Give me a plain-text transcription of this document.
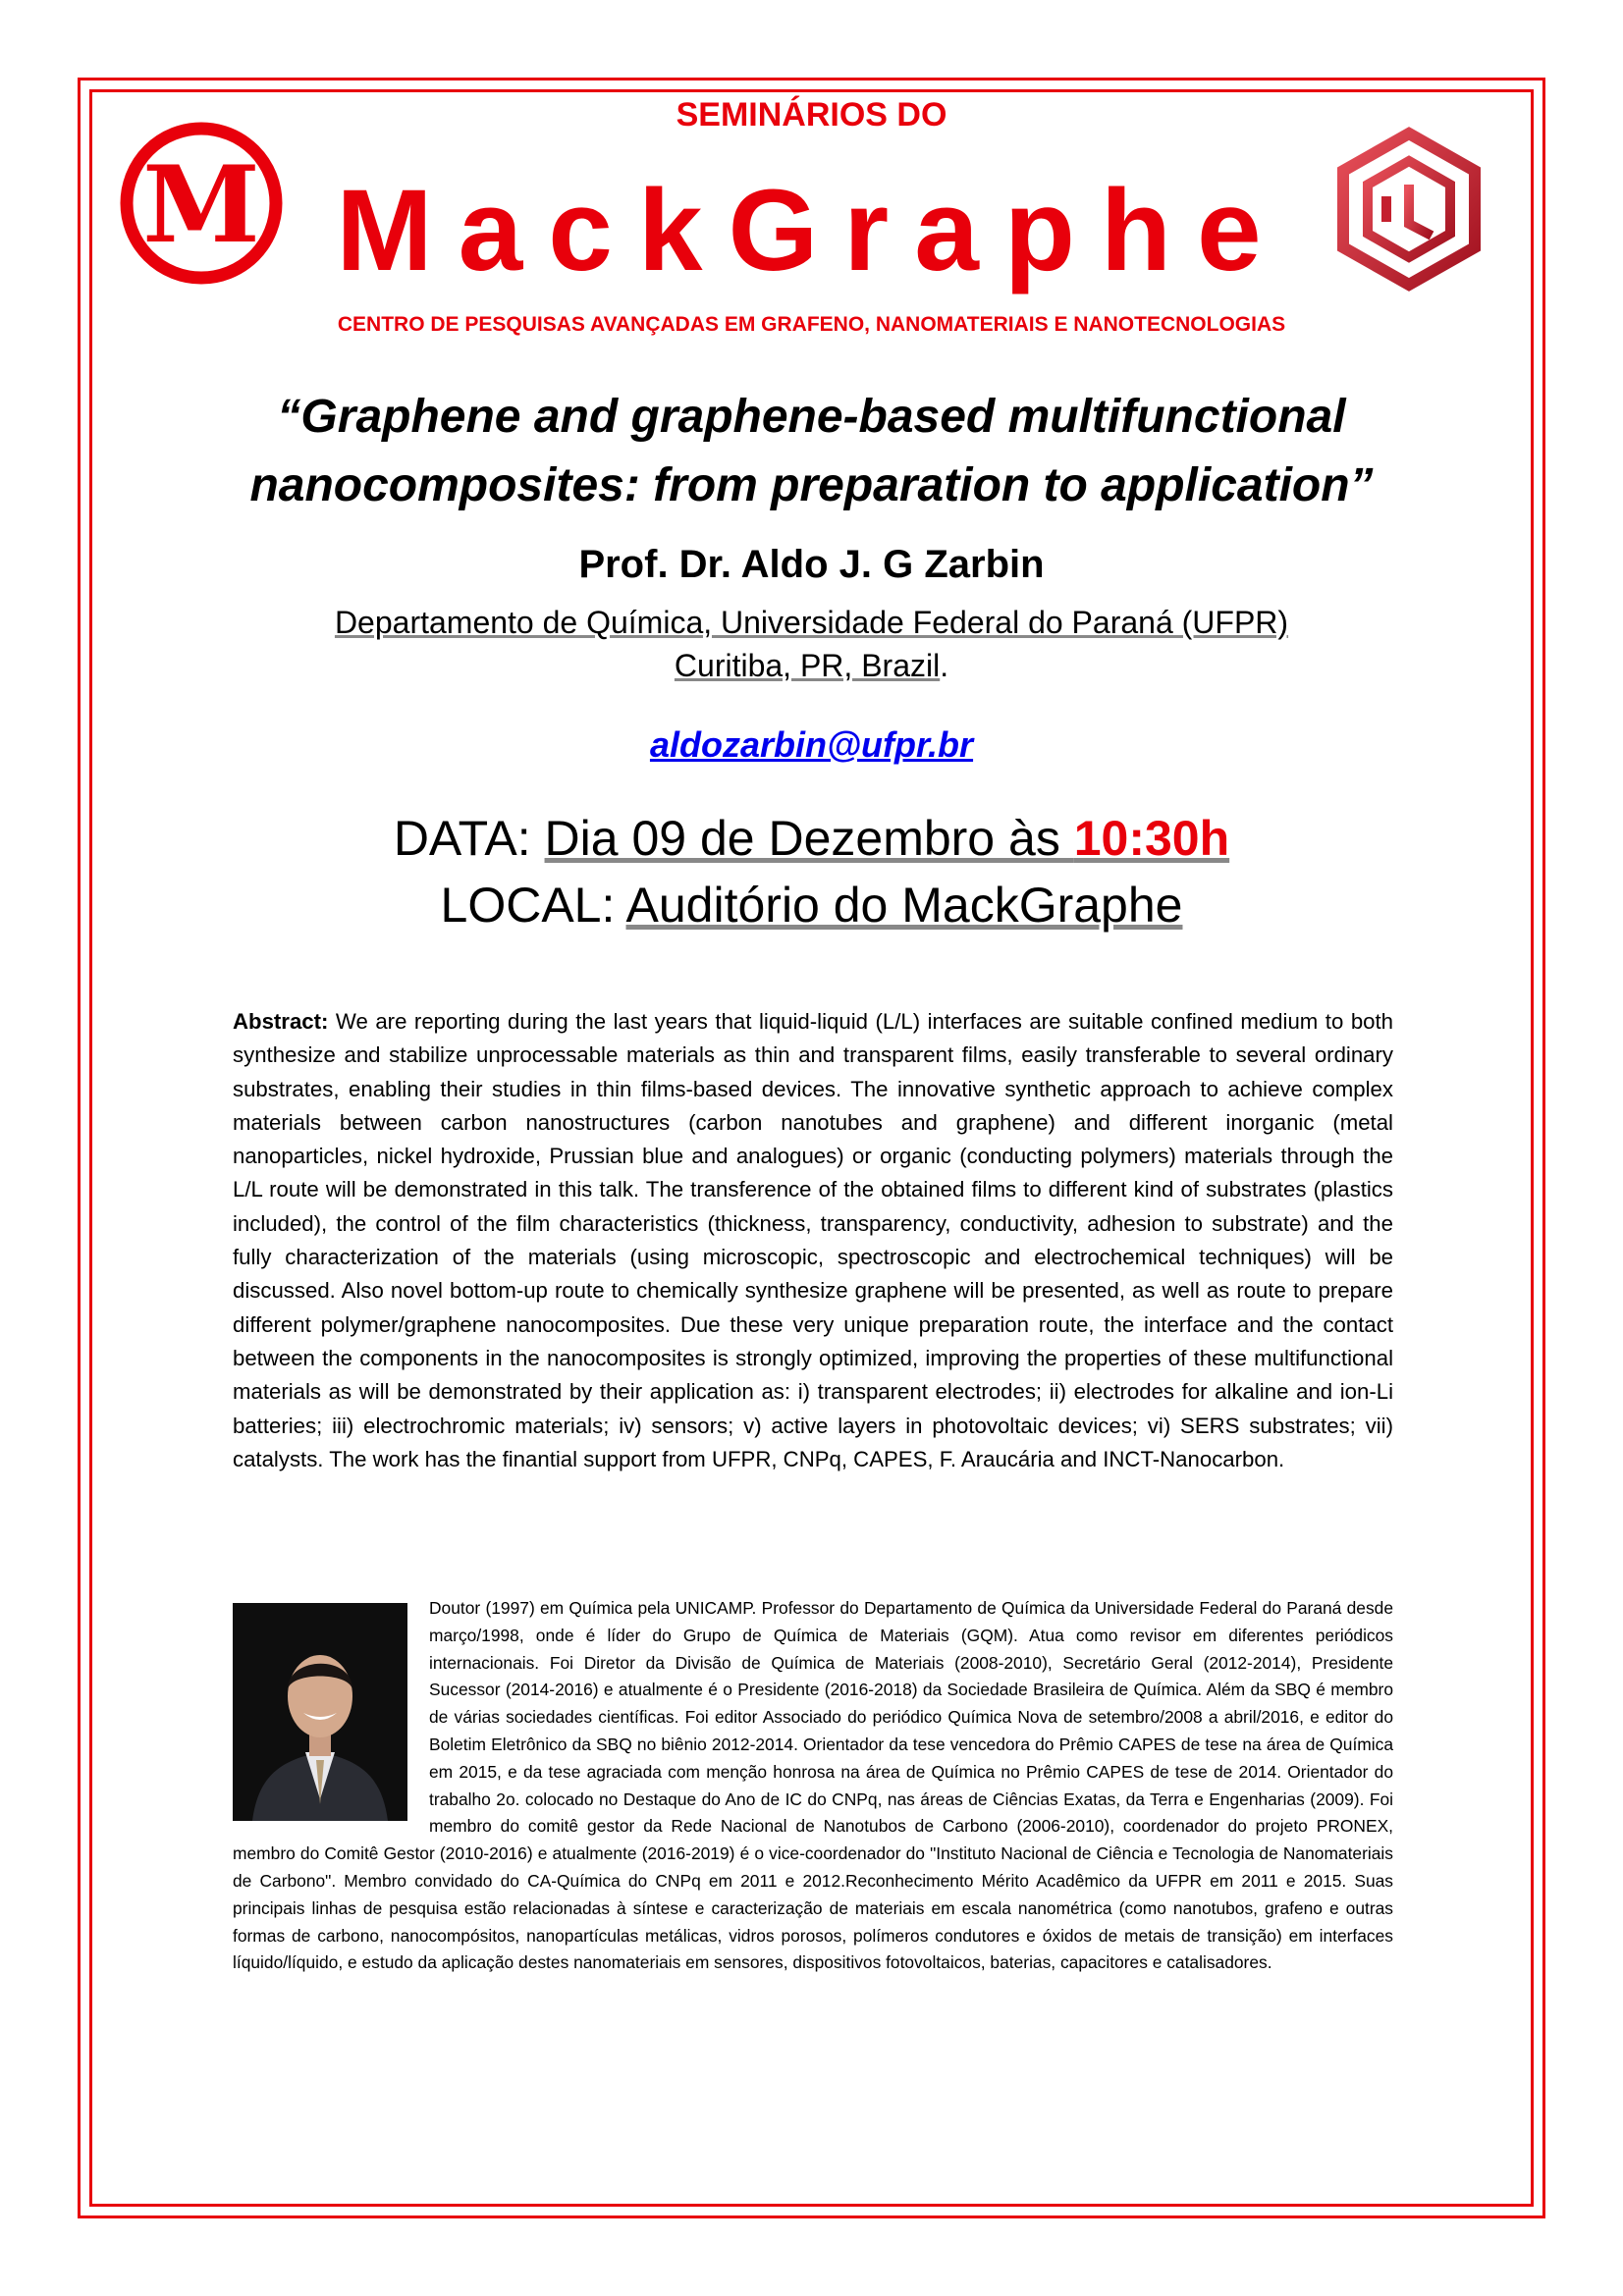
M
SEMINÁRIOS DO
MackGraphe
CENTRO DE PESQUISAS AVANÇADAS EM GRAFENO, NANOMATERIAIS E NANOTECNOLOGIAS
“Graphene and graphene-based multifunctional nanocomposites: from preparation to application”
Prof. Dr. Aldo J. G Zarbin
Departamento de Química, Universidade Federal do Paraná (UFPR)
Curitiba, PR, Brazil.
aldozarbin@ufpr.br
DATA: Dia 09 de Dezembro às 10:30h
LOCAL: Auditório do MackGraphe
Abstract: We are reporting during the last years that liquid-liquid (L/L) interfaces are suitable confined medium to both synthesize and stabilize unprocessable materials as thin and transparent films, easily transferable to several ordinary substrates, enabling their studies in thin films-based devices. The innovative synthetic approach to achieve complex materials between carbon nanostructures (carbon nanotubes and graphene) and different inorganic (metal nanoparticles, nickel hydroxide, Prussian blue and analogues) or organic (conducting polymers) materials through the L/L route will be demonstrated in this talk. The transference of the obtained films to different kind of substrates (plastics included), the control of the film characteristics (thickness, transparency, conductivity, adhesion to substrate) and the fully characterization of the materials (using microscopic, spectroscopic and electrochemical techniques) will be discussed. Also novel bottom-up route to chemically synthesize graphene will be presented, as well as route to prepare different polymer/graphene nanocomposites. Due these very unique preparation route, the interface and the contact between the components in the nanocomposites is strongly optimized, improving the properties of these multifunctional materials as will be demonstrated by their application as: i) transparent electrodes; ii) electrodes for alkaline and ion-Li batteries; iii) electrochromic materials; iv) sensors; v) active layers in photovoltaic devices; vi) SERS substrates; vii) catalysts. The work has the finantial support from UFPR, CNPq, CAPES, F. Araucária and INCT-Nanocarbon.
Doutor (1997) em Química pela UNICAMP. Professor do Departamento de Química da Universidade Federal do Paraná desde março/1998, onde é líder do Grupo de Química de Materiais (GQM). Atua como revisor em diferentes periódicos internacionais. Foi Diretor da Divisão de Química de Materiais (2008-2010), Secretário Geral (2012-2014), Presidente Sucessor (2014-2016) e atualmente é o Presidente (2016-2018) da Sociedade Brasileira de Química. Além da SBQ é membro de várias sociedades científicas. Foi editor Associado do periódico Química Nova de setembro/2008 a abril/2016, e editor do Boletim Eletrônico da SBQ no biênio 2012-2014. Orientador da tese vencedora do Prêmio CAPES de tese na área de Química em 2015, e da tese agraciada com menção honrosa na área de Química no Prêmio CAPES de tese de 2014. Orientador do trabalho 2o. colocado no Destaque do Ano de IC do CNPq, nas áreas de Ciências Exatas, da Terra e Engenharias (2009). Foi membro do comitê gestor da Rede Nacional de Nanotubos de Carbono (2006-2010), coordenador do projeto PRONEX, membro do Comitê Gestor (2010-2016) e atualmente (2016-2019) é o vice-coordenador do "Instituto Nacional de Ciência e Tecnologia de Nanomateriais de Carbono". Membro convidado do CA-Química do CNPq em 2011 e 2012.Reconhecimento Mérito Acadêmico da UFPR em 2011 e 2015. Suas principais linhas de pesquisa estão relacionadas à síntese e caracterização de materiais em escala nanométrica (como nanotubos, grafeno e outras formas de carbono, nanocompósitos, nanopartículas metálicas, vidros porosos, polímeros condutores e óxidos de metais de transição) em interfaces líquido/líquido, e estudo da aplicação destes nanomateriais em sensores, dispositivos fotovoltaicos, baterias, capacitores e catalisadores.
